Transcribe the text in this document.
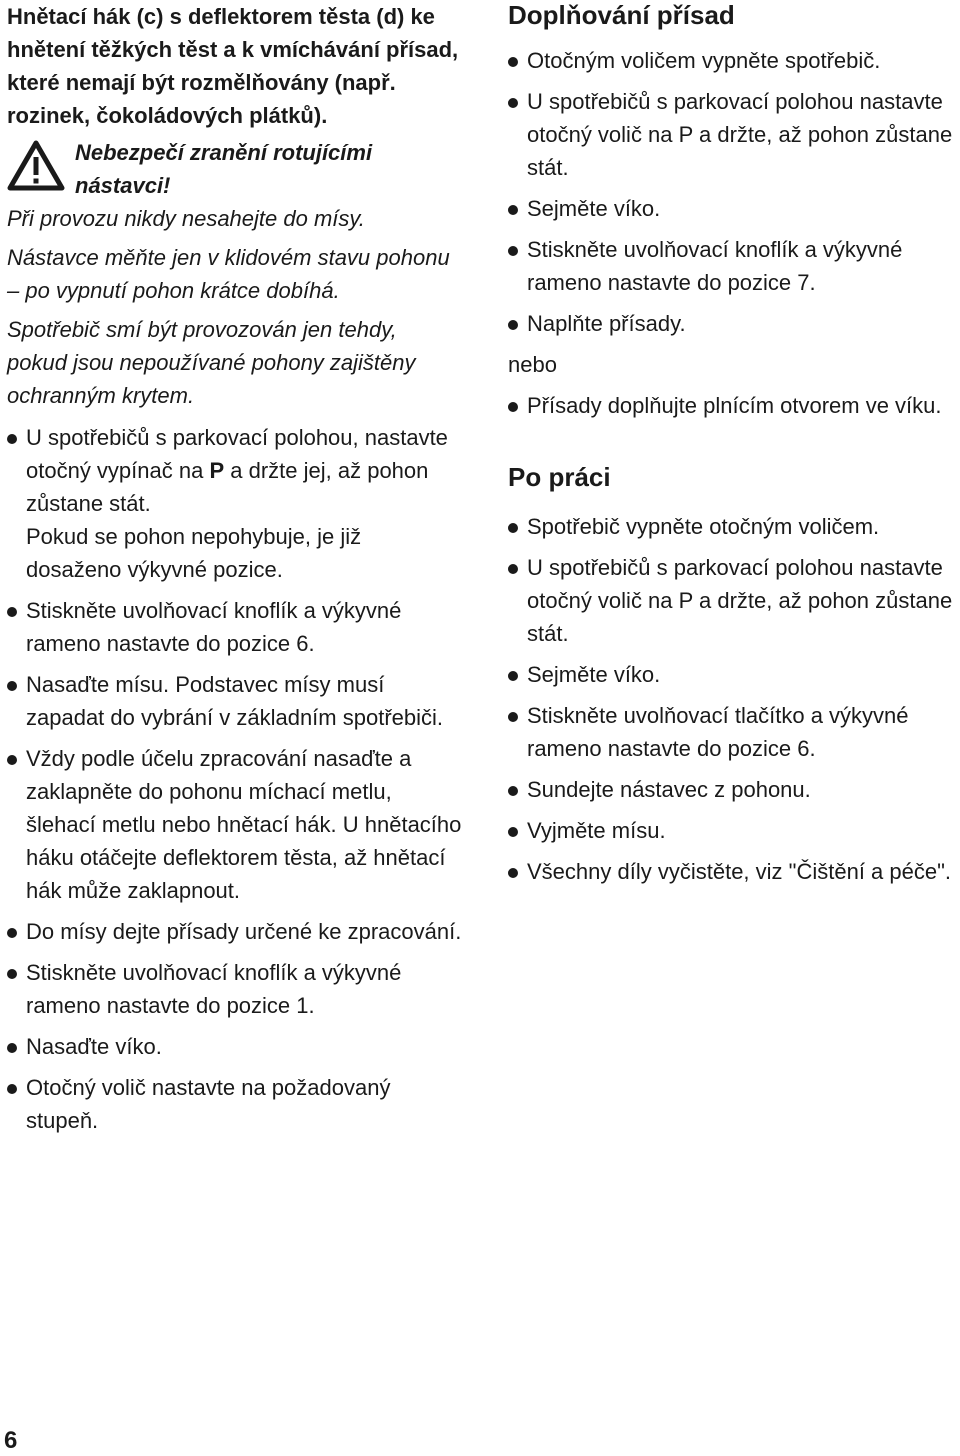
Hnětací hák (c) s deflektorem těsta (d) ke hnětení těžkých těst a k vmíchávání přísad, které nemají být rozmělňovány (např. rozinek, čokoládových plátků).

Nebezpečí zranění rotujícími nástavci!

Při provozu nikdy nesahejte do mísy.

Nástavce měňte jen v klidovém stavu pohonu – po vypnutí pohon krátce dobíhá.

Spotřebič smí být provozován jen tehdy, pokud jsou nepoužívané pohony zajištěny ochranným krytem.

U spotřebičů s parkovací polohou, nastavte otočný vypínač na P a držte jej, až pohon zůstane stát.

Pokud se pohon nepohybuje, je již dosaženo výkyvné pozice.

Stiskněte uvolňovací knoflík a výkyvné rameno nastavte do pozice 6.

Nasaďte mísu. Podstavec mísy musí zapadat do vybrání v základním spotřebiči.

Vždy podle účelu zpracování nasaďte a zaklapněte do pohonu míchací metlu, šlehací metlu nebo hnětací hák. U hnětacího háku otáčejte deflektorem těsta, až hnětací hák může zaklapnout.

Do mísy dejte přísady určené ke zpracování.

Stiskněte uvolňovací knoflík a výkyvné rameno nastavte do pozice 1.

Nasaďte víko.

Otočný volič nastavte na požadovaný stupeň.

Doplňování přísad

Otočným voličem vypněte spotřebič.

U spotřebičů s parkovací polohou nastavte otočný volič na P a držte, až pohon zůstane stát.

Sejměte víko.

Stiskněte uvolňovací knoflík a výkyvné rameno nastavte do pozice 7.

Naplňte přísady.

nebo

Přísady doplňujte plnícím otvorem ve víku.

Po práci

Spotřebič vypněte otočným voličem.

U spotřebičů s parkovací polohou nastavte otočný volič na P a držte, až pohon zůstane stát.

Sejměte víko.

Stiskněte uvolňovací tlačítko a výkyvné rameno nastavte do pozice 6.

Sundejte nástavec z pohonu.

Vyjměte mísu.

Všechny díly vyčistěte, viz "Čištění a péče".

6
